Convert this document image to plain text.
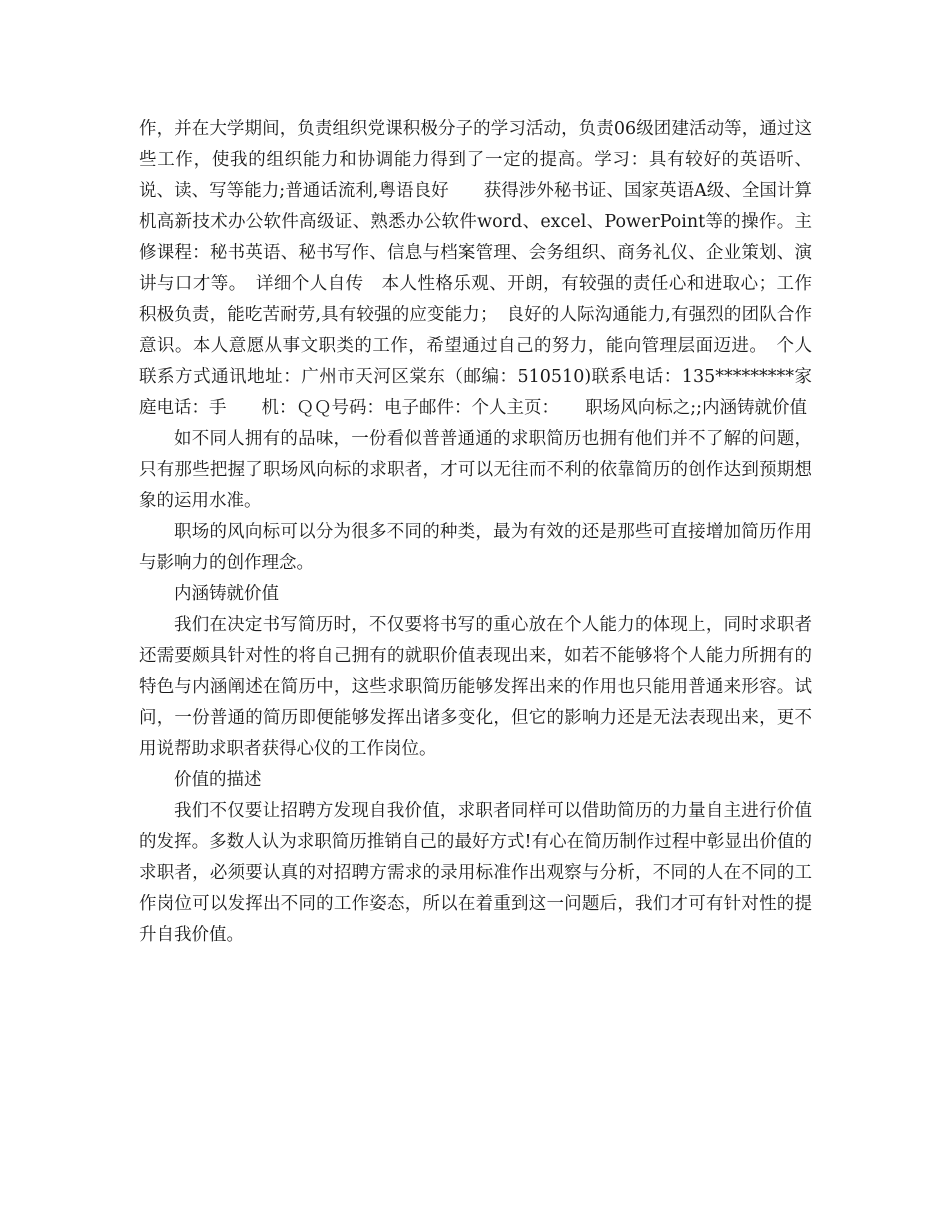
作，并在大学期间，负责组织党课积极分子的学习活动，负责06级团建活动等，通过这些工作，使我的组织能力和协调能力得到了一定的提高。学习：具有较好的英语听、说、读、写等能力;普通话流利,粤语良好　　获得涉外秘书证、国家英语A级、全国计算机高新技术办公软件高级证、熟悉办公软件word、excel、PowerPoint等的操作。主修课程：秘书英语、秘书写作、信息与档案管理、会务组织、商务礼仪、企业策划、演讲与口才等。　详细个人自传　本人性格乐观、开朗，有较强的责任心和进取心；工作积极负责，能吃苦耐劳,具有较强的应变能力；　良好的人际沟通能力,有强烈的团队合作意识。本人意愿从事文职类的工作，希望通过自己的努力，能向管理层面迈进。　个人联系方式通讯地址：广州市天河区棠东（邮编：510510)联系电话：135*********家庭电话：手　　机：ＱＱ号码：电子邮件：个人主页：　　职场风向标之;;内涵铸就价值

如不同人拥有的品味，一份看似普普通通的求职简历也拥有他们并不了解的问题，只有那些把握了职场风向标的求职者，才可以无往而不利的依靠简历的创作达到预期想象的运用水准。

职场的风向标可以分为很多不同的种类，最为有效的还是那些可直接增加简历作用与影响力的创作理念。

内涵铸就价值

我们在决定书写简历时，不仅要将书写的重心放在个人能力的体现上，同时求职者还需要颇具针对性的将自己拥有的就职价值表现出来，如若不能够将个人能力所拥有的特色与内涵阐述在简历中，这些求职简历能够发挥出来的作用也只能用普通来形容。试问，一份普通的简历即便能够发挥出诸多变化，但它的影响力还是无法表现出来，更不用说帮助求职者获得心仪的工作岗位。

价值的描述

我们不仅要让招聘方发现自我价值，求职者同样可以借助简历的力量自主进行价值的发挥。多数人认为求职简历推销自己的最好方式!有心在简历制作过程中彰显出价值的求职者，必须要认真的对招聘方需求的录用标准作出观察与分析，不同的人在不同的工作岗位可以发挥出不同的工作姿态，所以在着重到这一问题后，我们才可有针对性的提升自我价值。
